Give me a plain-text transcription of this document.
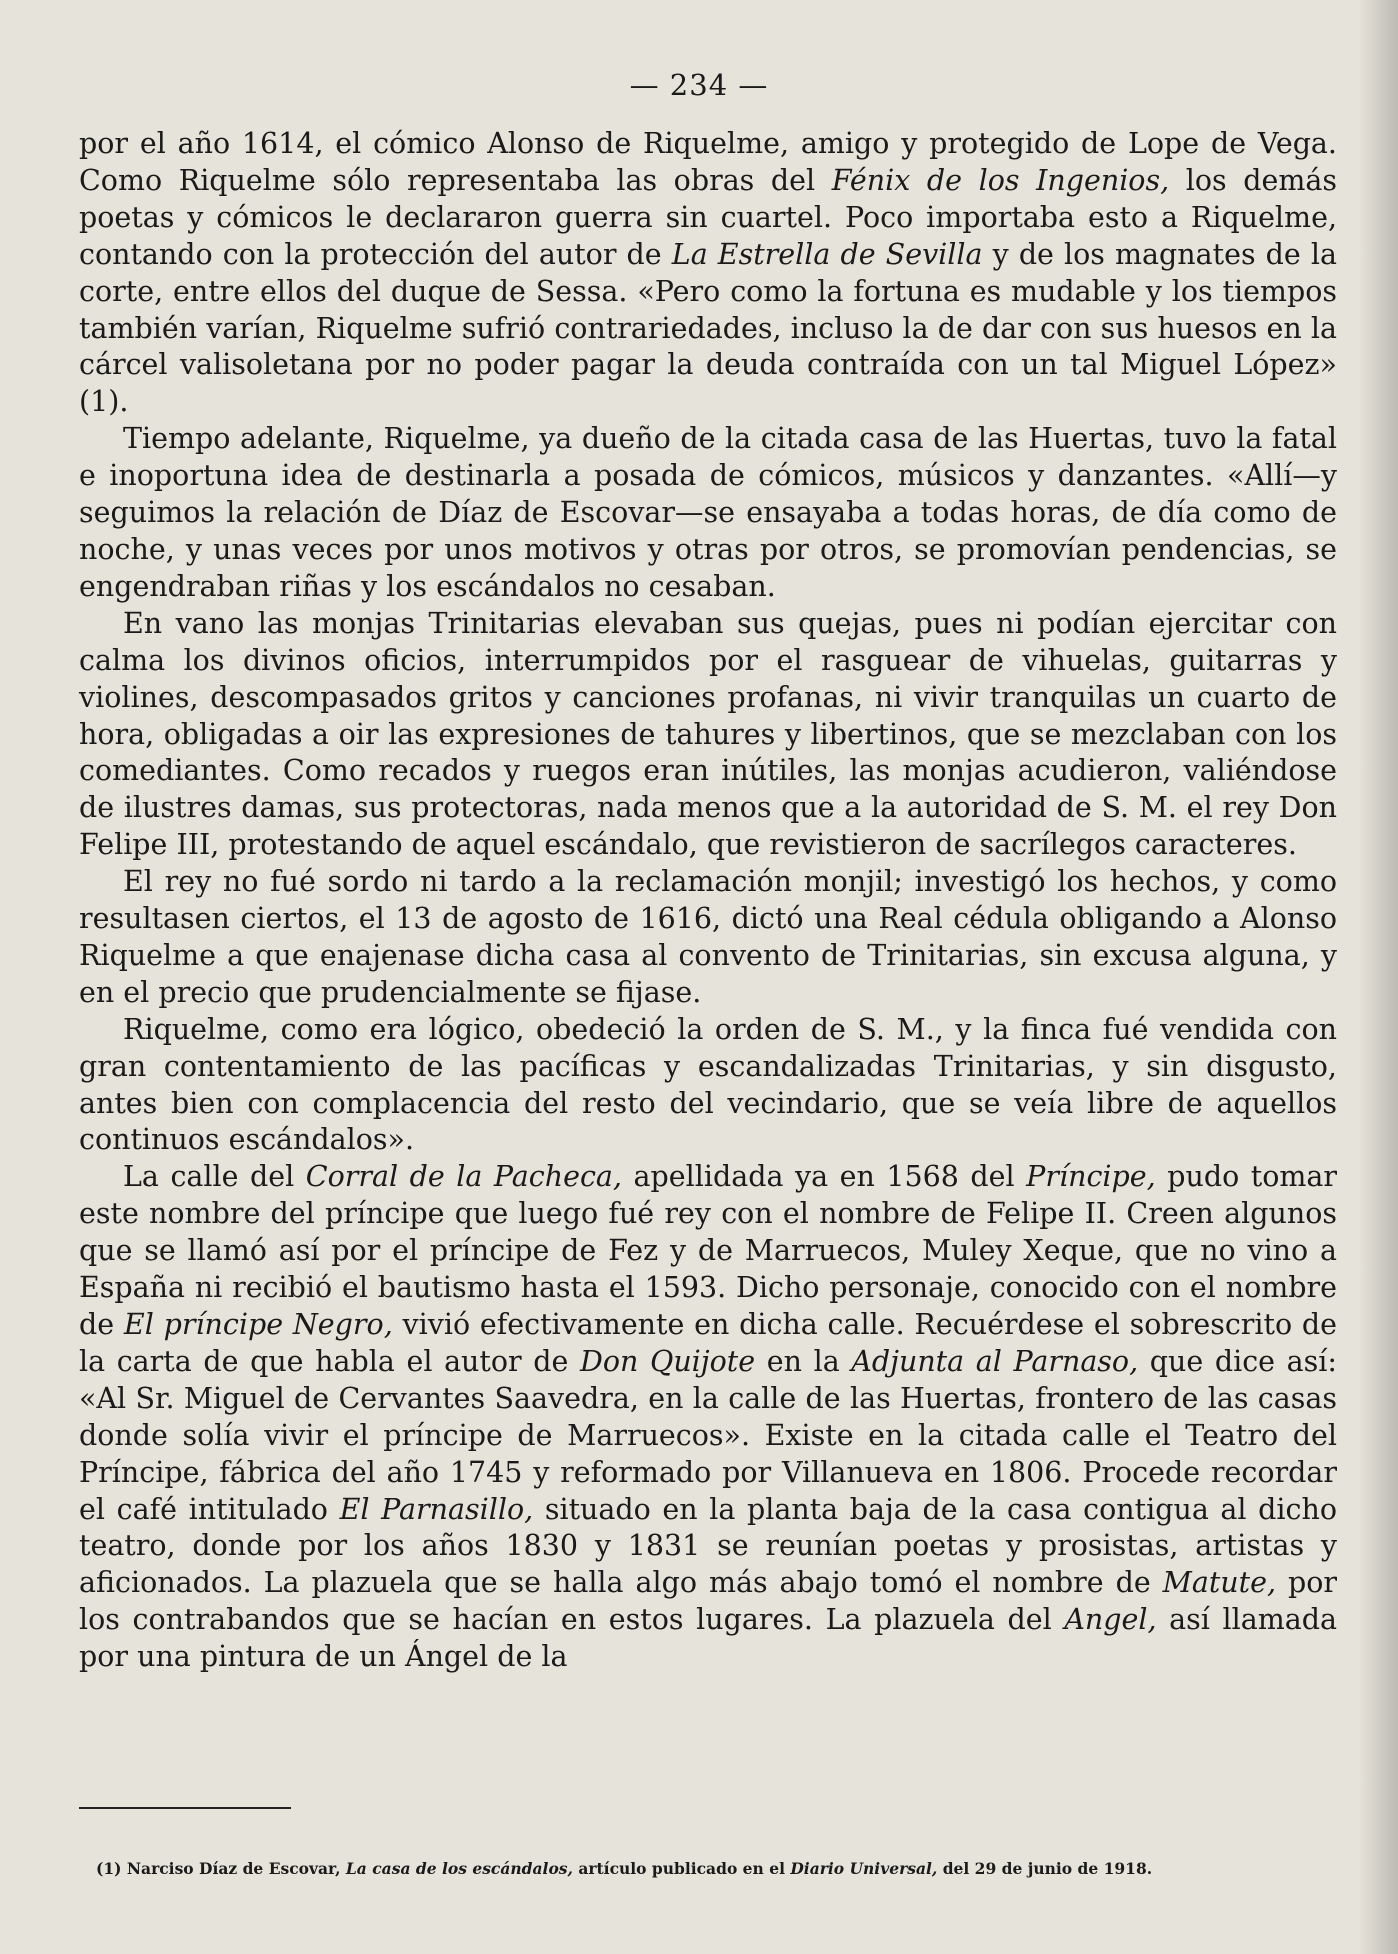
— 234 —

por el año 1614, el cómico Alonso de Riquelme, amigo y protegido de Lope de Vega. Como Riquelme sólo representaba las obras del Fénix de los Ingenios, los demás poetas y cómicos le declararon guerra sin cuartel. Poco importaba esto a Riquelme, contando con la protección del autor de La Estrella de Sevilla y de los magnates de la corte, entre ellos del duque de Sessa. «Pero como la fortuna es mudable y los tiempos también varían, Riquelme sufrió contrariedades, incluso la de dar con sus huesos en la cárcel valisoletana por no poder pagar la deuda contraída con un tal Miguel López» (1).

Tiempo adelante, Riquelme, ya dueño de la citada casa de las Huertas, tuvo la fatal e inoportuna idea de destinarla a posada de cómicos, músicos y danzantes. «Allí—y seguimos la relación de Díaz de Escovar—se ensayaba a todas horas, de día como de noche, y unas veces por unos motivos y otras por otros, se promovían pendencias, se engendraban riñas y los escándalos no cesaban.

En vano las monjas Trinitarias elevaban sus quejas, pues ni podían ejercitar con calma los divinos oficios, interrumpidos por el rasguear de vihuelas, guitarras y violines, descompasados gritos y canciones profanas, ni vivir tranquilas un cuarto de hora, obligadas a oir las expresiones de tahures y libertinos, que se mezclaban con los comediantes. Como recados y ruegos eran inútiles, las monjas acudieron, valiéndose de ilustres damas, sus protectoras, nada menos que a la autoridad de S. M. el rey Don Felipe III, protestando de aquel escándalo, que revistieron de sacrílegos caracteres.

El rey no fué sordo ni tardo a la reclamación monjil; investigó los hechos, y como resultasen ciertos, el 13 de agosto de 1616, dictó una Real cédula obligando a Alonso Riquelme a que enajenase dicha casa al convento de Trinitarias, sin excusa alguna, y en el precio que prudencialmente se fijase.

Riquelme, como era lógico, obedeció la orden de S. M., y la finca fué vendida con gran contentamiento de las pacíficas y escandalizadas Trinitarias, y sin disgusto, antes bien con complacencia del resto del vecindario, que se veía libre de aquellos continuos escándalos».

La calle del Corral de la Pacheca, apellidada ya en 1568 del Príncipe, pudo tomar este nombre del príncipe que luego fué rey con el nombre de Felipe II. Creen algunos que se llamó así por el príncipe de Fez y de Marruecos, Muley Xeque, que no vino a España ni recibió el bautismo hasta el 1593. Dicho personaje, conocido con el nombre de El príncipe Negro, vivió efectivamente en dicha calle. Recuérdese el sobrescrito de la carta de que habla el autor de Don Quijote en la Adjunta al Parnaso, que dice así: «Al Sr. Miguel de Cervantes Saavedra, en la calle de las Huertas, frontero de las casas donde solía vivir el príncipe de Marruecos». Existe en la citada calle el Teatro del Príncipe, fábrica del año 1745 y reformado por Villanueva en 1806. Procede recordar el café intitulado El Parnasillo, situado en la planta baja de la casa contigua al dicho teatro, donde por los años 1830 y 1831 se reunían poetas y prosistas, artistas y aficionados. La plazuela que se halla algo más abajo tomó el nombre de Matute, por los contrabandos que se hacían en estos lugares. La plazuela del Angel, así llamada por una pintura de un Ángel de la

(1) Narciso Díaz de Escovar, La casa de los escándalos, artículo publicado en el Diario Universal, del 29 de junio de 1918.
